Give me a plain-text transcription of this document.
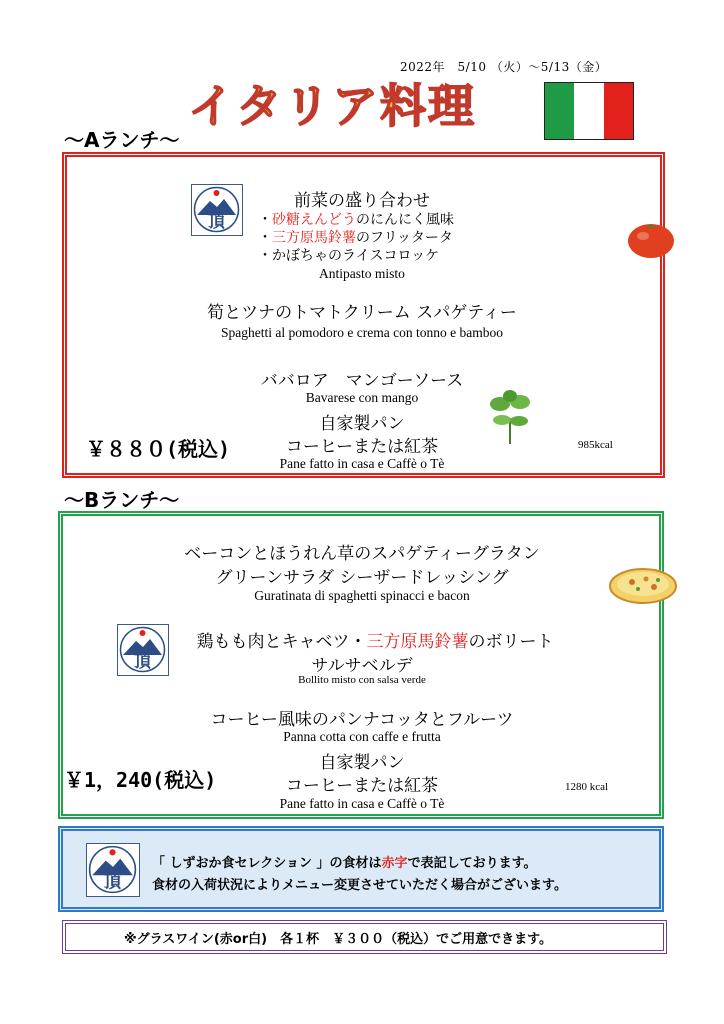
2022年　5/10 （火）～5/13（金）
イタリア料理
～Aランチ～
頂
前菜の盛り合わせ
・砂糖えんどうのにんにく風味
・三方原馬鈴薯のフリッタータ
・かぼちゃのライスコロッケ
Antipasto misto
筍とツナのトマトクリーム スパゲティー
Spaghetti al pomodoro e crema con tonno e bamboo
ババロア　マンゴーソース
Bavarese con mango
自家製パン
コーヒーまたは紅茶
Pane fatto in casa e Caffè o Tè
￥８８０(税込)	985kcal
～Bランチ～
ベーコンとほうれん草のスパゲティーグラタン
グリーンサラダ シーザードレッシング
Guratinata di spaghetti spinacci e bacon
頂
鶏もも肉とキャベツ・三方原馬鈴薯のボリート
サルサベルデ
Bollito misto con salsa verde
コーヒー風味のパンナコッタとフルーツ
Panna cotta con caffe e frutta
自家製パン
コーヒーまたは紅茶
Pane fatto in casa e Caffè o Tè
￥1，240(税込)	1280 kcal
頂
「 しずおか食セレクション 」の食材は赤字で表記しております。
食材の入荷状況によりメニュー変更させていただく場合がございます。
※グラスワイン(赤or白)　各１杯　￥３００（税込）でご用意できます。
